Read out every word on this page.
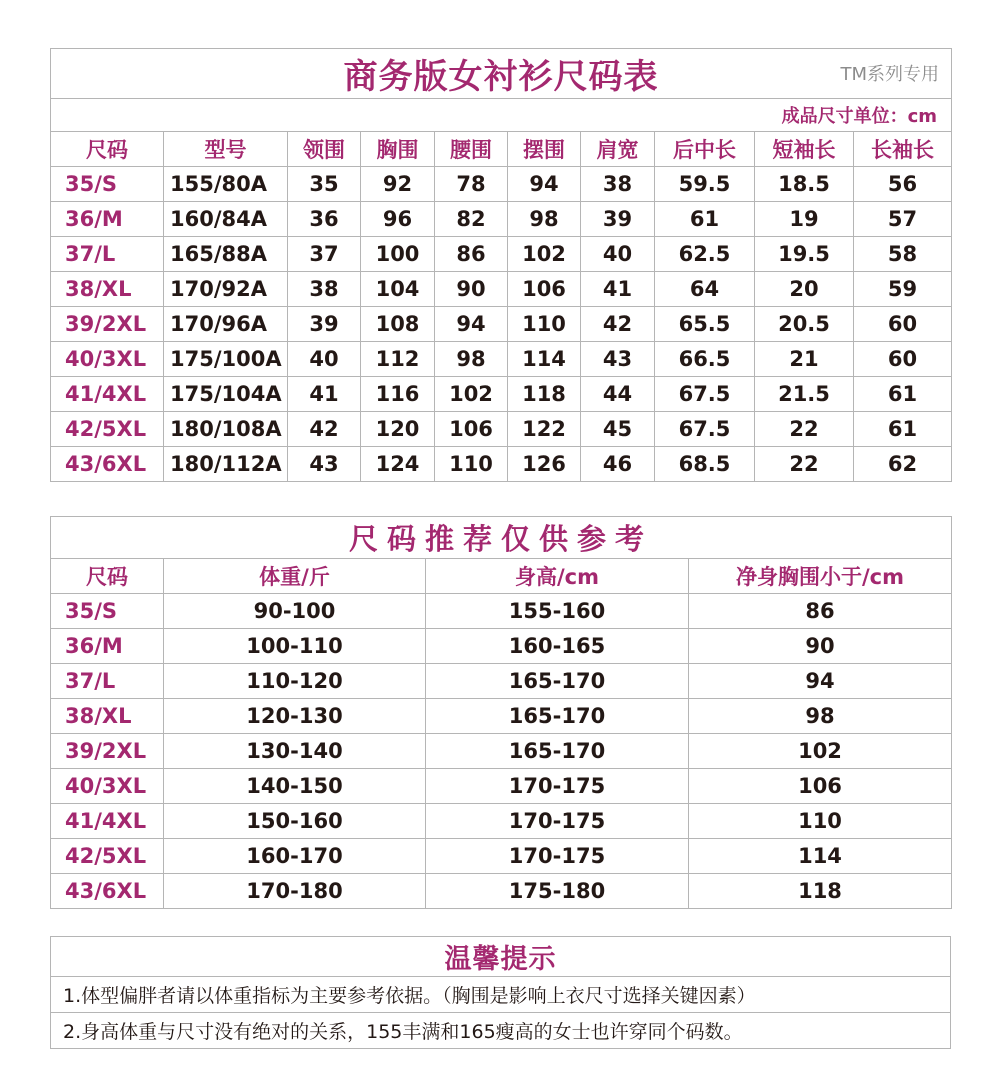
商务版女衬衫尺码表 TM系列专用									

成品尺寸单位：cm									

尺码	型号	领围	胸围	腰围	摆围	肩宽	后中长	短袖长	长袖长
35/S	155/80A	35	92	78	94	38	59.5	18.5	56
36/M	160/84A	36	96	82	98	39	61	19	57
37/L	165/88A	37	100	86	102	40	62.5	19.5	58
38/XL	170/92A	38	104	90	106	41	64	20	59
39/2XL	170/96A	39	108	94	110	42	65.5	20.5	60
40/3XL	175/100A	40	112	98	114	43	66.5	21	60
41/4XL	175/104A	41	116	102	118	44	67.5	21.5	61
42/5XL	180/108A	42	120	106	122	45	67.5	22	61
43/6XL	180/112A	43	124	110	126	46	68.5	22	62
尺码推荐仅供参考			
尺码	体重/斤	身高/cm	净身胸围小于/cm
35/S	90-100	155-160	86
36/M	100-110	160-165	90
37/L	110-120	165-170	94
38/XL	120-130	165-170	98
39/2XL	130-140	165-170	102
40/3XL	140-150	170-175	106
41/4XL	150-160	170-175	110
42/5XL	160-170	170-175	114
43/6XL	170-180	175-180	118
温馨提示
1.体型偏胖者请以体重指标为主要参考依据。（胸围是影响上衣尺寸选择关键因素）
2.身高体重与尺寸没有绝对的关系，155丰满和165瘦高的女士也许穿同个码数。
